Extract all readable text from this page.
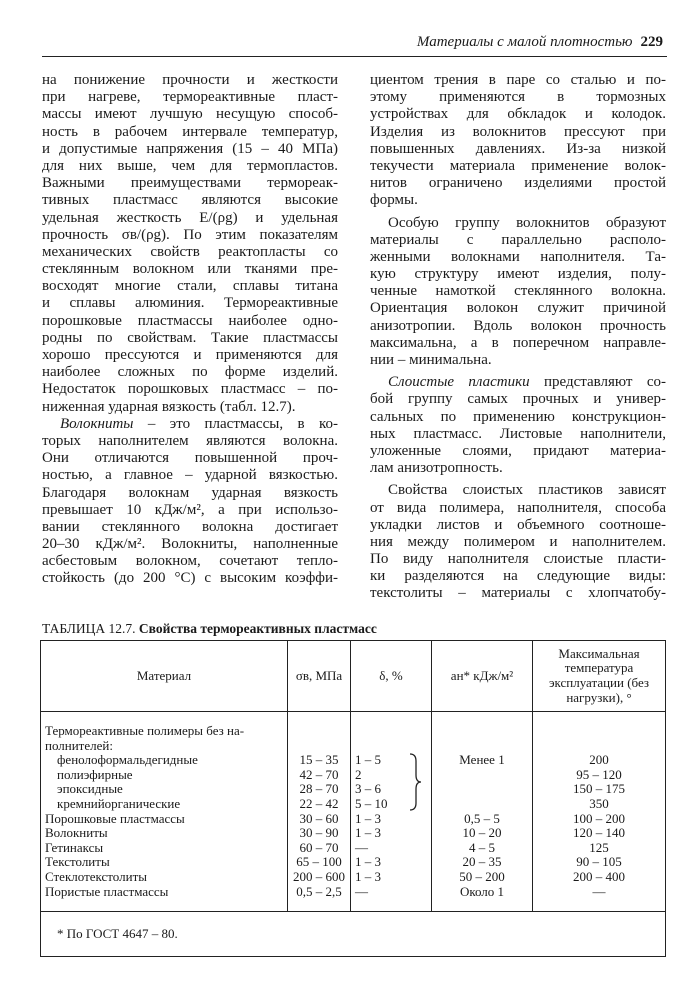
Материалы с малой плотностью 229
на понижение прочности и жесткости
при нагреве, термореактивные пласт-
массы имеют лучшую несущую способ-
ность в рабочем интервале температур,
и допустимые напряжения (15 – 40 МПа)
для них выше, чем для термопластов.
Важными преимуществами термореак-
тивных пластмасс являются высокие
удельная жесткость E/(ρg) и удельная
прочность σв/(ρg). По этим показателям
механических свойств реактопласты со
стеклянным волокном или тканями пре-
восходят многие стали, сплавы титана
и сплавы алюминия. Термореактивные
порошковые пластмассы наиболее одно-
родны по свойствам. Такие пластмассы
хорошо прессуются и применяются для
наиболее сложных по форме изделий.
Недостаток порошковых пластмасс – по-
ниженная ударная вязкость (табл. 12.7).
Волокниты – это пластмассы, в ко-
торых наполнителем являются волокна.
Они отличаются повышенной проч-
ностью, а главное – ударной вязкостью.
Благодаря волокнам ударная вязкость
превышает 10 кДж/м², а при использо-
вании стеклянного волокна достигает
20–30 кДж/м². Волокниты, наполненные
асбестовым волокном, сочетают тепло-
стойкость (до 200 °С) с высоким коэффи-
циентом трения в паре со сталью и по-
этому применяются в тормозных
устройствах для обкладок и колодок.
Изделия из волокнитов прессуют при
повышенных давлениях. Из-за низкой
текучести материала применение волок-
нитов ограничено изделиями простой
формы.
Особую группу волокнитов образуют
материалы с параллельно располо-
женными волокнами наполнителя. Та-
кую структуру имеют изделия, полу-
ченные намоткой стеклянного волокна.
Ориентация волокон служит причиной
анизотропии. Вдоль волокон прочность
максимальна, а в поперечном направле-
нии – минимальна.
Слоистые пластики представляют со-
бой группу самых прочных и универ-
сальных по применению конструкцион-
ных пластмасс. Листовые наполнители,
уложенные слоями, придают материа-
лам анизотропность.
Свойства слоистых пластиков зависят
от вида полимера, наполнителя, способа
укладки листов и объемного соотноше-
ния между полимером и наполнителем.
По виду наполнителя слоистые пласти-
ки разделяются на следующие виды:
текстолиты – материалы с хлопчатобу-
ТАБЛИЦА 12.7. Свойства термореактивных пластмасс
Материал	σв, МПа	δ, %	aн* кДж/м²	Максимальная температура эксплуатации (без нагрузки), °
Термореактивные полимеры без на-полнителей:				
фенолоформальдегидные	15 – 35	1 – 5	Менее 1	200
полиэфирные	42 – 70	2		95 – 120
эпоксидные	28 – 70	3 – 6		150 – 175
кремнийорганические	22 – 42	5 – 10		350
Порошковые пластмассы	30 – 60	1 – 3	0,5 – 5	100 – 200
Волокниты	30 – 90	1 – 3	10 – 20	120 – 140
Гетинаксы	60 – 70	—	4 – 5	125
Текстолиты	65 – 100	1 – 3	20 – 35	90 – 105
Стеклотекстолиты	200 – 600	1 – 3	50 – 200	200 – 400
Пористые пластмассы	0,5 – 2,5	—	Около 1	—

* По ГОСТ 4647 – 80.				
